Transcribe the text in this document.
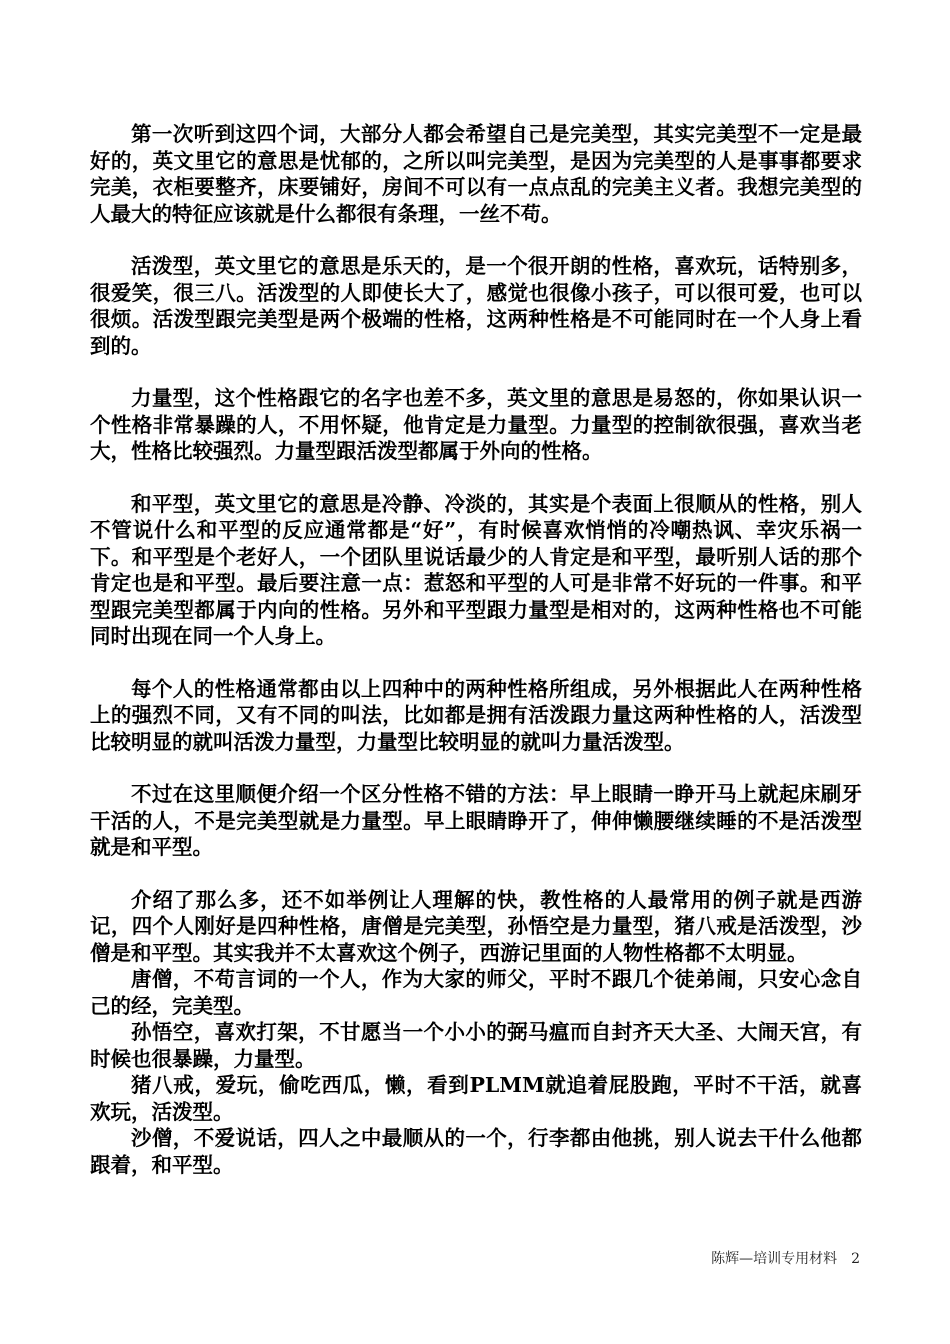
第一次听到这四个词，大部分人都会希望自己是完美型，其实完美型不一定是最好的，英文里它的意思是忧郁的，之所以叫完美型，是因为完美型的人是事事都要求完美，衣柜要整齐，床要铺好，房间不可以有一点点乱的完美主义者。我想完美型的人最大的特征应该就是什么都很有条理，一丝不苟。

活泼型，英文里它的意思是乐天的，是一个很开朗的性格，喜欢玩，话特别多，很爱笑，很三八。活泼型的人即使长大了，感觉也很像小孩子，可以很可爱，也可以很烦。活泼型跟完美型是两个极端的性格，这两种性格是不可能同时在一个人身上看到的。

力量型，这个性格跟它的名字也差不多，英文里的意思是易怒的，你如果认识一个性格非常暴躁的人，不用怀疑，他肯定是力量型。力量型的控制欲很强，喜欢当老大，性格比较强烈。力量型跟活泼型都属于外向的性格。

和平型，英文里它的意思是冷静、冷淡的，其实是个表面上很顺从的性格，别人不管说什么和平型的反应通常都是“好”，有时候喜欢悄悄的冷嘲热讽、幸灾乐祸一下。和平型是个老好人，一个团队里说话最少的人肯定是和平型，最听别人话的那个肯定也是和平型。最后要注意一点：惹怒和平型的人可是非常不好玩的一件事。和平型跟完美型都属于内向的性格。另外和平型跟力量型是相对的，这两种性格也不可能同时出现在同一个人身上。

每个人的性格通常都由以上四种中的两种性格所组成，另外根据此人在两种性格上的强烈不同，又有不同的叫法，比如都是拥有活泼跟力量这两种性格的人，活泼型比较明显的就叫活泼力量型，力量型比较明显的就叫力量活泼型。

不过在这里顺便介绍一个区分性格不错的方法：早上眼睛一睁开马上就起床刷牙干活的人，不是完美型就是力量型。早上眼睛睁开了，伸伸懒腰继续睡的不是活泼型就是和平型。

介绍了那么多，还不如举例让人理解的快，教性格的人最常用的例子就是西游记，四个人刚好是四种性格，唐僧是完美型，孙悟空是力量型，猪八戒是活泼型，沙僧是和平型。其实我并不太喜欢这个例子，西游记里面的人物性格都不太明显。

唐僧，不苟言词的一个人，作为大家的师父，平时不跟几个徒弟闹，只安心念自己的经，完美型。

孙悟空，喜欢打架，不甘愿当一个小小的弼马瘟而自封齐天大圣、大闹天宫，有时候也很暴躁，力量型。

猪八戒，爱玩，偷吃西瓜，懒，看到PLMM就追着屁股跑，平时不干活，就喜欢玩，活泼型。

沙僧，不爱说话，四人之中最顺从的一个，行李都由他挑，别人说去干什么他都跟着，和平型。

陈辉—培训专用材料 2
